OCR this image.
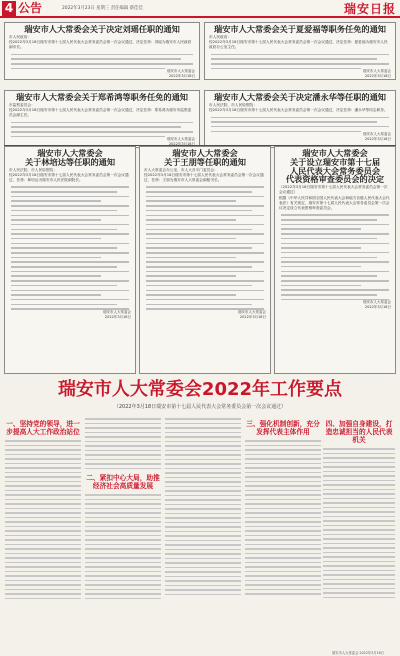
4 公告	2022年3月23日 星期三 责任编辑 蔡佳佳	瑞安日报
瑞安市人大常委会关于决定刘瑶任职的通知
市人民政府：
经2022年3月18日瑞安市第十七届人民代表大会常务委员会第一次会议通过，决定任命：刘瑶为瑞安市人民政府副市长。
瑞安市人大常委会
2022年3月18日
瑞安市人大常委会关于夏爱福等职务任免的通知
市人民政府：
经2022年3月18日瑞安市第十七届人民代表大会常务委员会第一次会议通过，决定任命：夏爱福为瑞安市人民政府办公室主任。
瑞安市人大常委会
2022年3月18日
瑞安市人大常委会关于郑希鸿等职务任免的通知
市监察委员会：
经2022年3月18日瑞安市第十七届人民代表大会常务委员会第一次会议通过，决定任命：郑希鸿为瑞安市监察委员会副主任。
瑞安市人大常委会

瑞安市人大常委会关于决定潘永华等任职的通知
市人民法院、市人民检察院：
经2022年3月18日瑞安市第十七届人民代表大会常务委员会第一次会议通过，决定任命：潘永华等同志职务。
瑞安市人大常委会
2022年3月18日
瑞安市人大常委会
关于林培达等任职的通知
市人民法院、市人民检察院：
经2022年3月18日瑞安市第十七届人民代表大会常务委员会第一次会议通过，任命：林培达为瑞安市人民法院副院长。
瑞安市人大常委会
2022年3月18日
瑞安市人大常委会
关于王朋等任职的通知
市人大常委会办公室，市人大各专门委员会：
经2022年3月18日瑞安市第十七届人民代表大会常务委员会第一次会议通过，任命：王朋为瑞安市人大常委会副秘书长。
瑞安市人大常委会
2022年3月18日
瑞安市人大常委会
关于设立瑞安市第十七届
人民代表大会常务委员会
代表资格审查委员会的决定
（2022年3月18日瑞安市第十七届人民代表大会常务委员会第一次会议通过）
根据《中华人民共和国全国人民代表大会和地方各级人民代表大会代表法》有关规定，瑞安市第十七届人民代表大会常务委员会第一次会议决定设立代表资格审查委员会。
瑞安市人大常委会
2022年3月18日
瑞安市人大常委会2022年工作要点
（2022年3月18日瑞安市第十七届人民代表大会常务委员会第一次会议通过）
一、坚持党的领导，进一步提高人大工作政治站位
二、紧扣中心大局，助推经济社会高质量发展
三、强化机制创新，充分发挥代表主体作用
四、加强自身建设，打造忠诚担当的人民代表机关
瑞安市人大常委会 2022年3月18日
